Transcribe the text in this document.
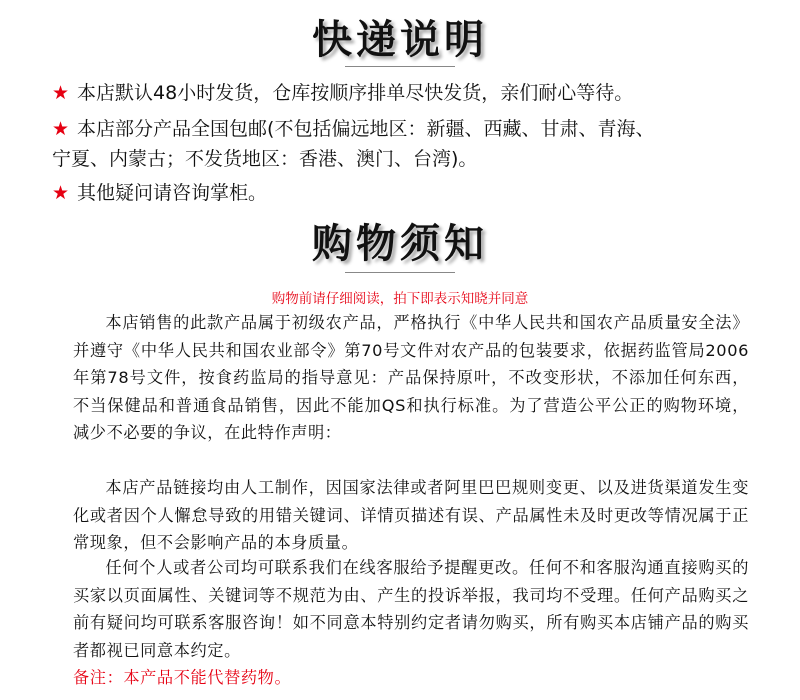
快递说明
★ 本店默认48小时发货，仓库按顺序排单尽快发货，亲们耐心等待。
★ 本店部分产品全国包邮(不包括偏远地区：新疆、西藏、甘肃、青海、
宁夏、内蒙古；不发货地区：香港、澳门、台湾)。
★ 其他疑问请咨询掌柜。
购物须知

购物前请仔细阅读，拍下即表示知晓并同意

本店销售的此款产品属于初级农产品，严格执行《中华人民共和国农产品质量安全法》并遵守《中华人民共和国农业部令》第70号文件对农产品的包装要求，依据药监管局2006年第78号文件，按食药监局的指导意见：产品保持原叶，不改变形状，不添加任何东西，不当保健品和普通食品销售，因此不能加QS和执行标准。为了营造公平公正的购物环境，减少不必要的争议，在此特作声明：

本店产品链接均由人工制作，因国家法律或者阿里巴巴规则变更、以及进货渠道发生变化或者因个人懈怠导致的用错关键词、详情页描述有误、产品属性未及时更改等情况属于正常现象，但不会影响产品的本身质量。

任何个人或者公司均可联系我们在线客服给予提醒更改。任何不和客服沟通直接购买的买家以页面属性、关键词等不规范为由、产生的投诉举报，我司均不受理。任何产品购买之前有疑问均可联系客服咨询！如不同意本特别约定者请勿购买，所有购买本店铺产品的购买者都视已同意本约定。

备注：本产品不能代替药物。
